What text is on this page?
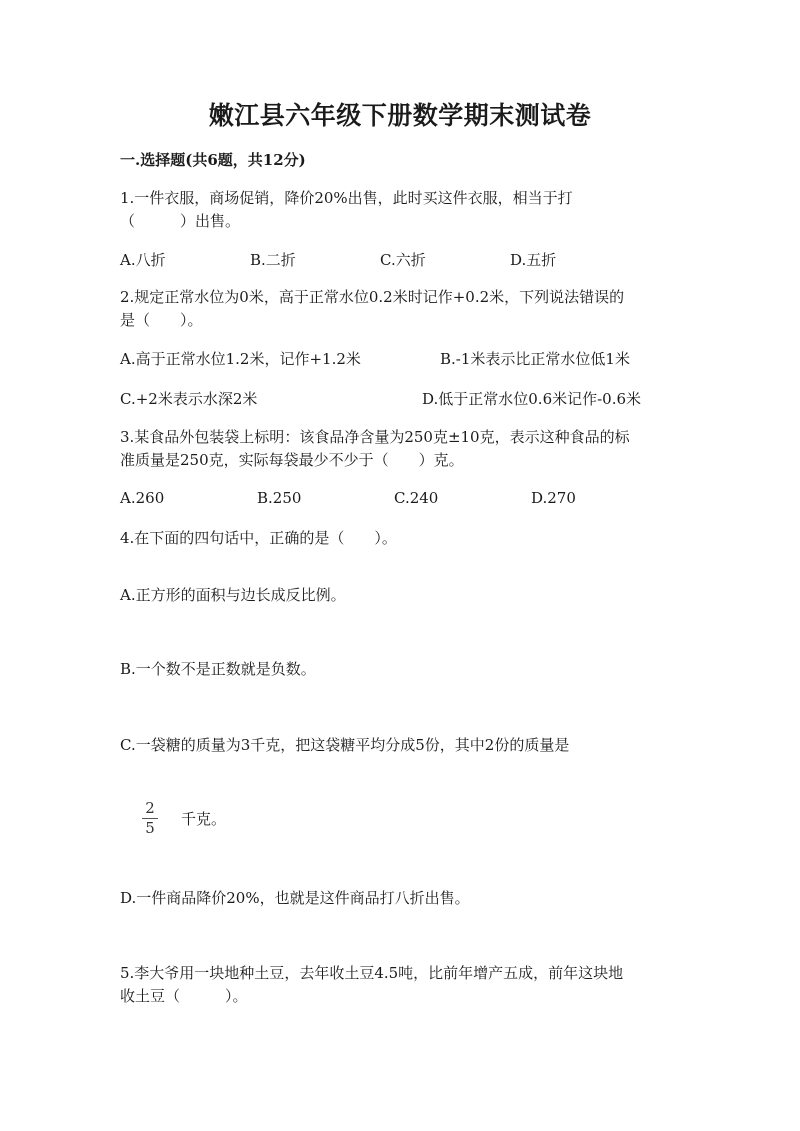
嫩江县六年级下册数学期末测试卷
一.选择题(共6题，共12分)
1.一件衣服，商场促销，降价20%出售，此时买这件衣服，相当于打
（　　　）出售。
A.八折	B.二折	C.六折	D.五折
2.规定正常水位为0米，高于正常水位0.2米时记作+0.2米，下列说法错误的
是（　　）。
A.高于正常水位1.2米，记作+1.2米	B.-1米表示比正常水位低1米
C.+2米表示水深2米	D.低于正常水位0.6米记作-0.6米
3.某食品外包装袋上标明：该食品净含量为250克±10克，表示这种食品的标
准质量是250克，实际每袋最少不少于（　　）克。
A.260	B.250	C.240	D.270
4.在下面的四句话中，正确的是（　　）。
A.正方形的面积与边长成反比例。
B.一个数不是正数就是负数。
C.一袋糖的质量为3千克，把这袋糖平均分成5份，其中2份的质量是
2
5	千克。
D.一件商品降价20%，也就是这件商品打八折出售。
5.李大爷用一块地种土豆，去年收土豆4.5吨，比前年增产五成，前年这块地
收土豆（　　　）。
